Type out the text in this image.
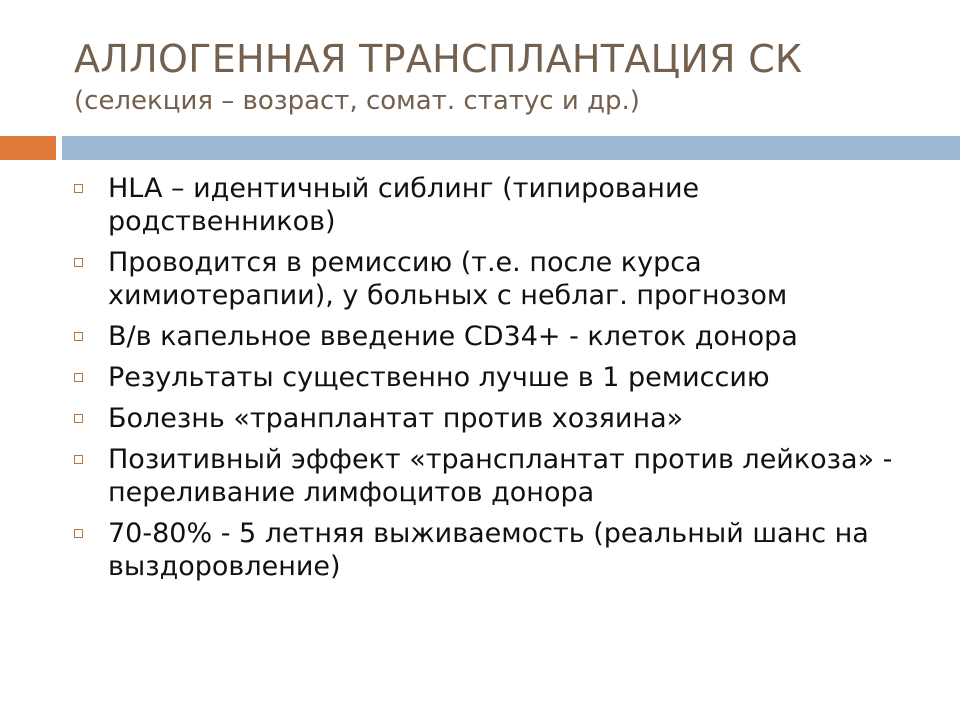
АЛЛОГЕННАЯ ТРАНСПЛАНТАЦИЯ СК
(селекция – возраст, сомат. статус и др.)
HLA – идентичный сиблинг (типирование родственников)
Проводится в ремиссию (т.е. после курса химиотерапии), у больных с неблаг. прогнозом
В/в капельное введение CD34+ - клеток донора
Результаты существенно лучше в 1 ремиссию
Болезнь «транплантат против хозяина»
Позитивный эффект «трансплантат против лейкоза» - переливание лимфоцитов донора
70-80% - 5 летняя выживаемость (реальный шанс на выздоровление)
